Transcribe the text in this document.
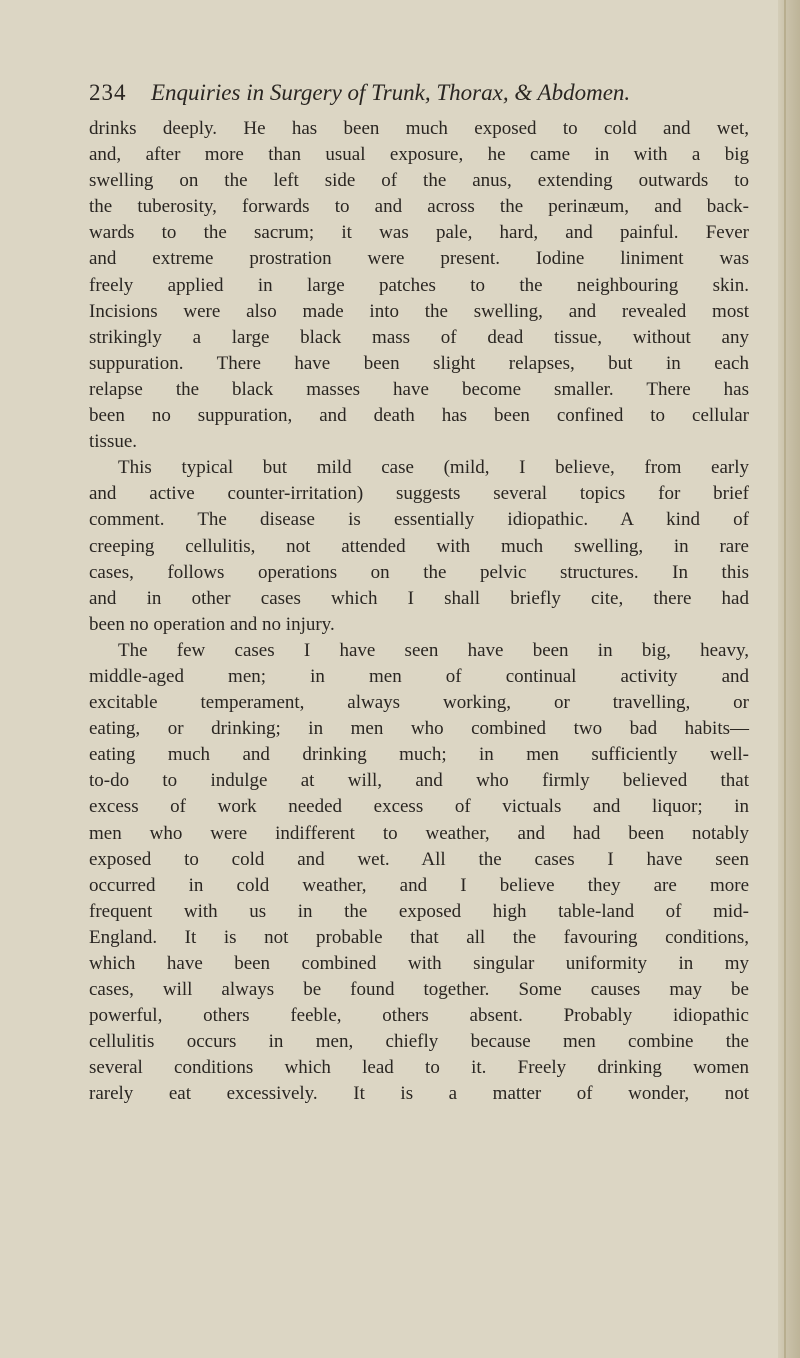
234 Enquiries in Surgery of Trunk, Thorax, & Abdomen.
drinks deeply. He has been much exposed to cold and wet,
and, after more than usual exposure, he came in with a big
swelling on the left side of the anus, extending outwards to
the tuberosity, forwards to and across the perinæum, and back-
wards to the sacrum; it was pale, hard, and painful. Fever
and extreme prostration were present. Iodine liniment was
freely applied in large patches to the neighbouring skin.
Incisions were also made into the swelling, and revealed most
strikingly a large black mass of dead tissue, without any
suppuration. There have been slight relapses, but in each
relapse the black masses have become smaller. There has
been no suppuration, and death has been confined to cellular
tissue.
This typical but mild case (mild, I believe, from early
and active counter-irritation) suggests several topics for brief
comment. The disease is essentially idiopathic. A kind of
creeping cellulitis, not attended with much swelling, in rare
cases, follows operations on the pelvic structures. In this
and in other cases which I shall briefly cite, there had
been no operation and no injury.
The few cases I have seen have been in big, heavy,
middle-aged men; in men of continual activity and
excitable temperament, always working, or travelling, or
eating, or drinking; in men who combined two bad habits—
eating much and drinking much; in men sufficiently well-
to-do to indulge at will, and who firmly believed that
excess of work needed excess of victuals and liquor; in
men who were indifferent to weather, and had been notably
exposed to cold and wet. All the cases I have seen
occurred in cold weather, and I believe they are more
frequent with us in the exposed high table-land of mid-
England. It is not probable that all the favouring conditions,
which have been combined with singular uniformity in my
cases, will always be found together. Some causes may be
powerful, others feeble, others absent. Probably idiopathic
cellulitis occurs in men, chiefly because men combine the
several conditions which lead to it. Freely drinking women
rarely eat excessively. It is a matter of wonder, not
